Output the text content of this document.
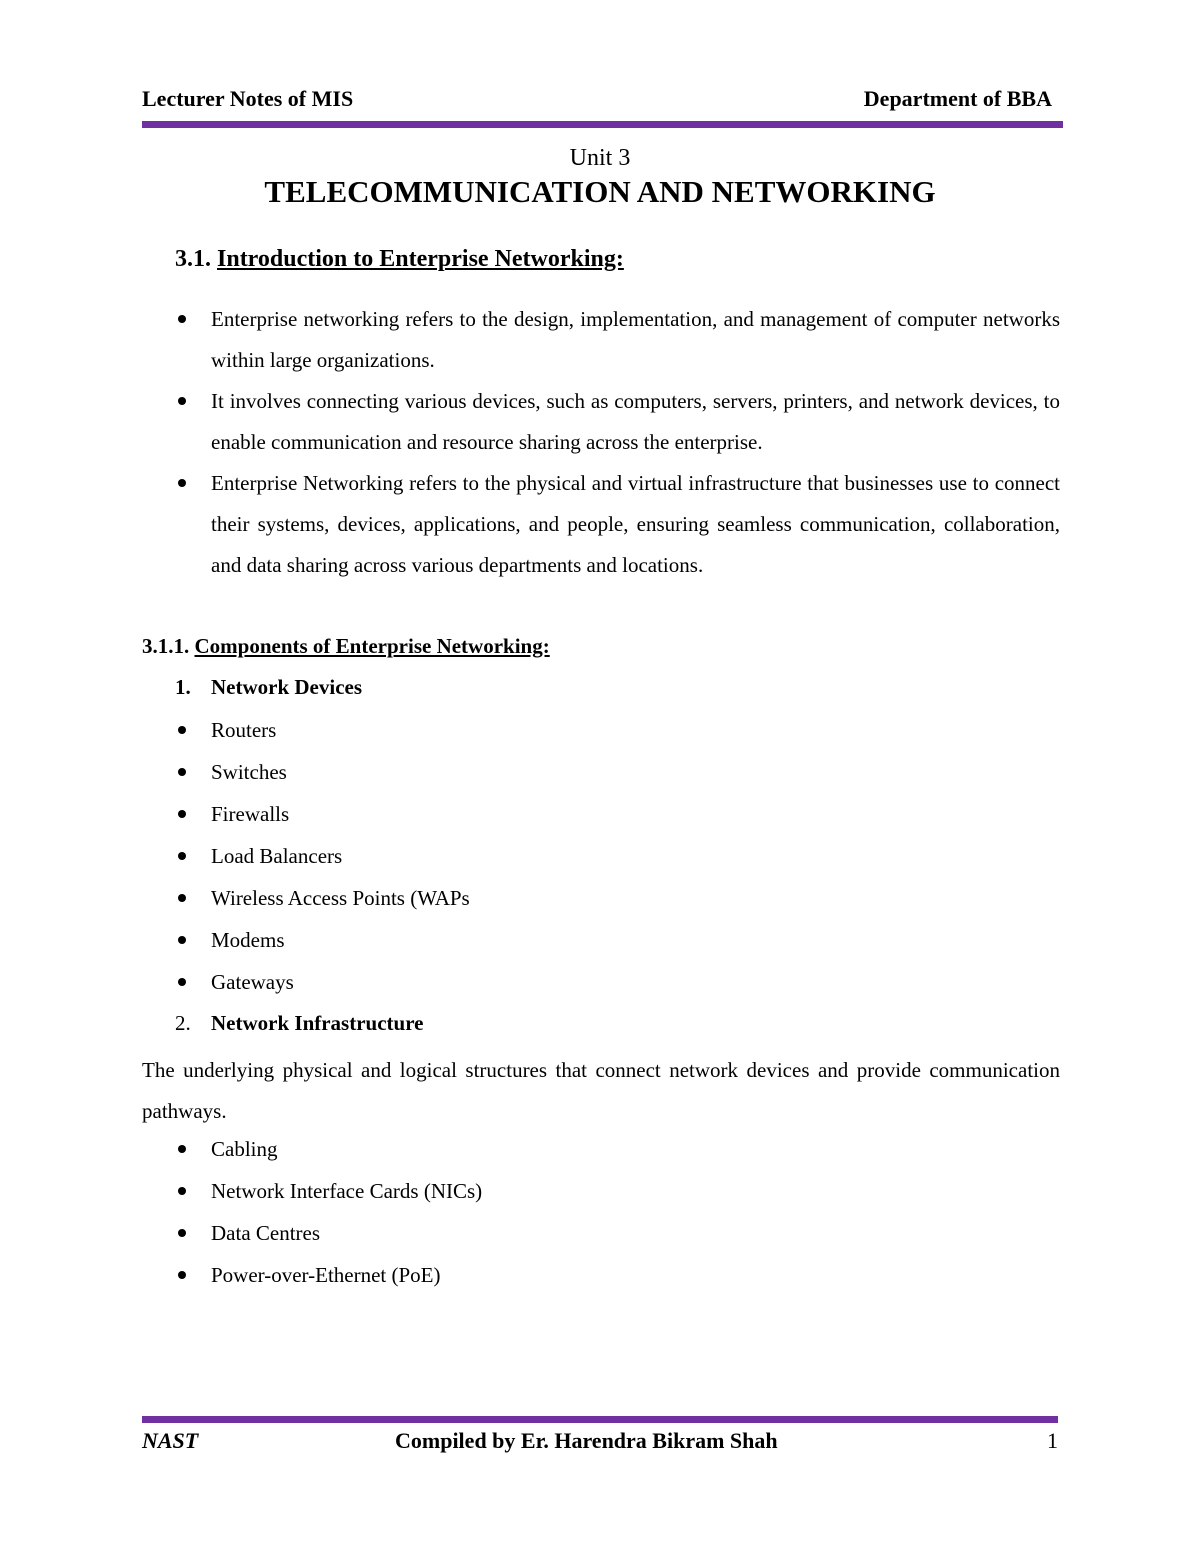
Lecturer Notes of MIS	Department of BBA
Unit 3
TELECOMMUNICATION AND NETWORKING
3.1. Introduction to Enterprise Networking:
Enterprise networking refers to the design, implementation, and management of computer networks within large organizations.
It involves connecting various devices, such as computers, servers, printers, and network devices, to enable communication and resource sharing across the enterprise.
Enterprise Networking refers to the physical and virtual infrastructure that businesses use to connect their systems, devices, applications, and people, ensuring seamless communication, collaboration, and data sharing across various departments and locations.
3.1.1. Components of Enterprise Networking:
1. Network Devices
Routers
Switches
Firewalls
Load Balancers
Wireless Access Points (WAPs
Modems
Gateways
2. Network Infrastructure
The underlying physical and logical structures that connect network devices and provide communication pathways.
Cabling
Network Interface Cards (NICs)
Data Centres
Power-over-Ethernet (PoE)
NAST	Compiled by Er. Harendra Bikram Shah	1
